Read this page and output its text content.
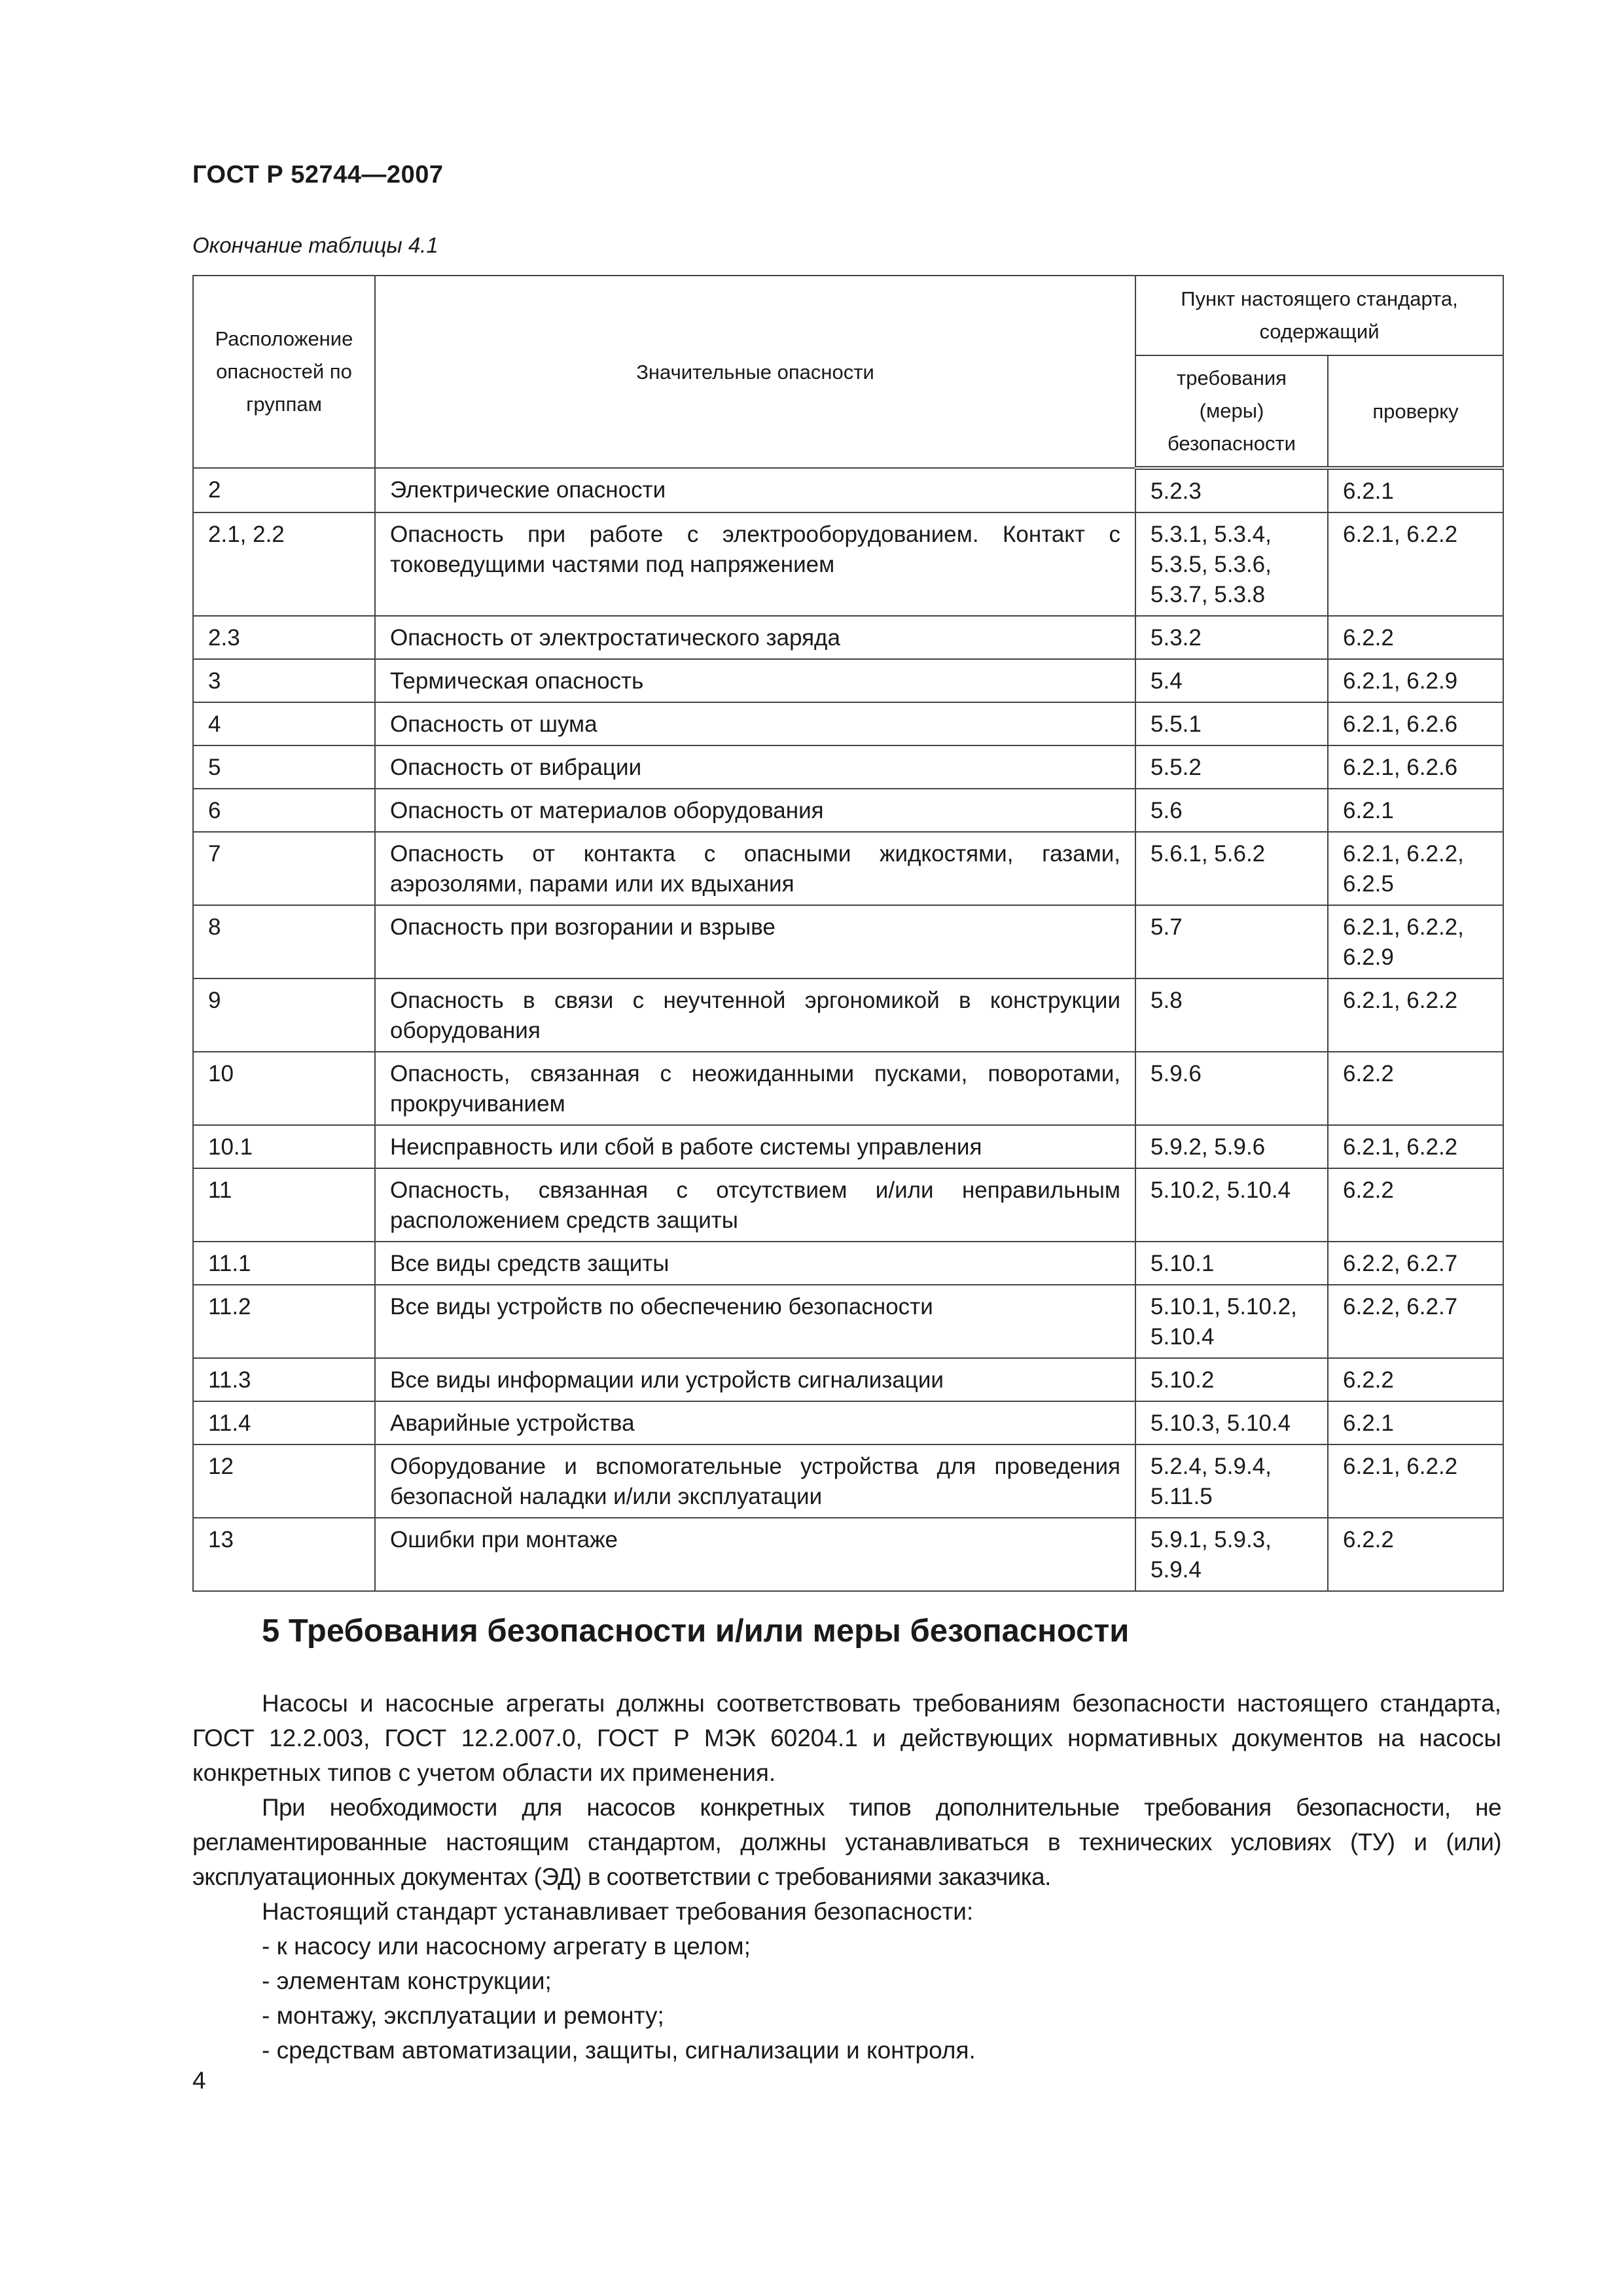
ГОСТ Р 52744—2007
Окончание таблицы 4.1
Расположение опасностей по группам	Значительные опасности	Пункт настоящего стандарта, содержащий	
		требования (меры) безопасности	проверку
2	Электрические опасности	5.2.3	6.2.1
2.1, 2.2	Опасность при работе с электрооборудованием. Контакт с токоведущими частями под напряжением	5.3.1, 5.3.4, 5.3.5, 5.3.6, 5.3.7, 5.3.8	6.2.1, 6.2.2
2.3	Опасность от электростатического заряда	5.3.2	6.2.2
3	Термическая опасность	5.4	6.2.1, 6.2.9
4	Опасность от шума	5.5.1	6.2.1, 6.2.6
5	Опасность от вибрации	5.5.2	6.2.1, 6.2.6
6	Опасность от материалов оборудования	5.6	6.2.1
7	Опасность от контакта с опасными жидкостями, газами, аэрозолями, парами или их вдыхания	5.6.1, 5.6.2	6.2.1, 6.2.2, 6.2.5
8	Опасность при возгорании и взрыве	5.7	6.2.1, 6.2.2, 6.2.9
9	Опасность в связи с неучтенной эргономикой в конструкции оборудования	5.8	6.2.1, 6.2.2
10	Опасность, связанная с неожиданными пусками, поворотами, прокручиванием	5.9.6	6.2.2
10.1	Неисправность или сбой в работе системы управления	5.9.2, 5.9.6	6.2.1, 6.2.2
11	Опасность, связанная с отсутствием и/или неправильным расположением средств защиты	5.10.2, 5.10.4	6.2.2
11.1	Все виды средств защиты	5.10.1	6.2.2, 6.2.7
11.2	Все виды устройств по обеспечению безопасности	5.10.1, 5.10.2, 5.10.4	6.2.2, 6.2.7
11.3	Все виды информации или устройств сигнализации	5.10.2	6.2.2
11.4	Аварийные устройства	5.10.3, 5.10.4	6.2.1
12	Оборудование и вспомогательные устройства для проведения безопасной наладки и/или эксплуатации	5.2.4, 5.9.4, 5.11.5	6.2.1, 6.2.2
13	Ошибки при монтаже	5.9.1, 5.9.3, 5.9.4	6.2.2
5 Требования безопасности и/или меры безопасности

Насосы и насосные агрегаты должны соответствовать требованиям безопасности настоящего стандарта, ГОСТ 12.2.003, ГОСТ 12.2.007.0, ГОСТ Р МЭК 60204.1 и действующих нормативных документов на насосы конкретных типов с учетом области их применения.

При необходимости для насосов конкретных типов дополнительные требования безопасности, не регламентированные настоящим стандартом, должны устанавливаться в технических условиях (ТУ) и (или) эксплуатационных документах (ЭД) в соответствии с требованиями заказчика.

Настоящий стандарт устанавливает требования безопасности:

- к насосу или насосному агрегату в целом;
- элементам конструкции;
- монтажу, эксплуатации и ремонту;
- средствам автоматизации, защиты, сигнализации и контроля.
4
